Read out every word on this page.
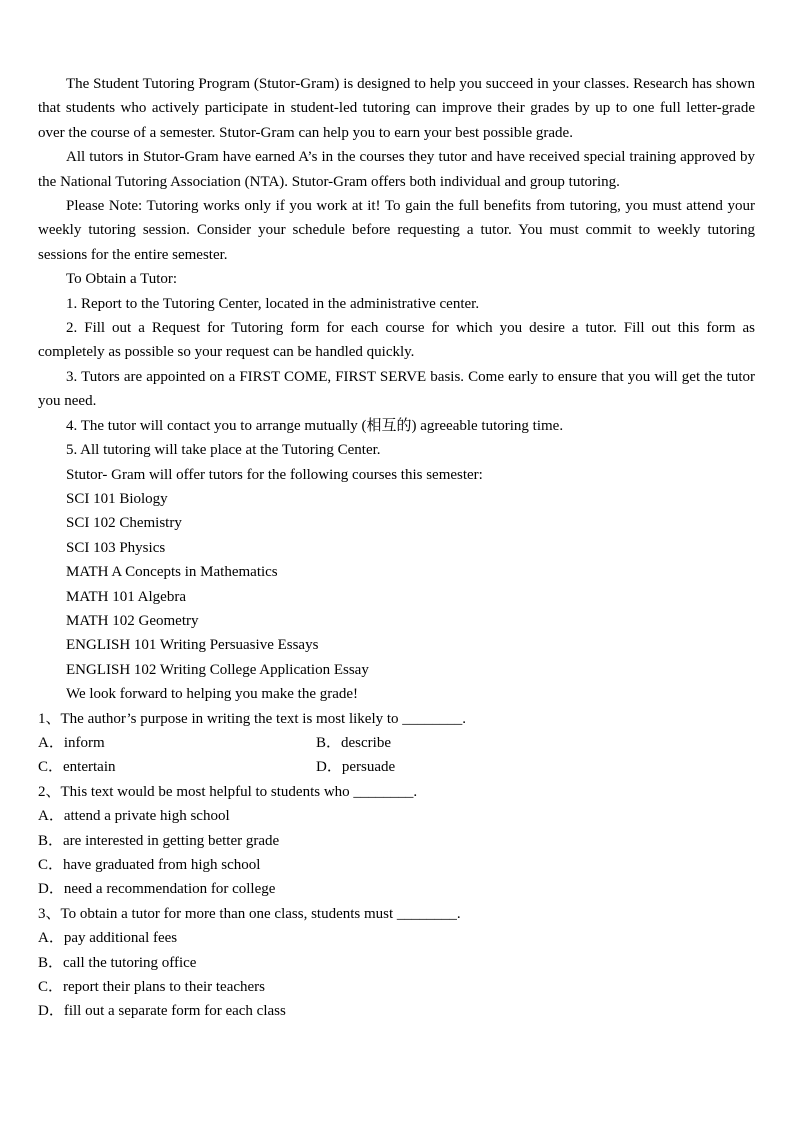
The Student Tutoring Program (Stutor-Gram) is designed to help you succeed in your classes. Research has shown that students who actively participate in student-led tutoring can improve their grades by up to one full letter-grade over the course of a semester. Stutor-Gram can help you to earn your best possible grade.

All tutors in Stutor-Gram have earned A’s in the courses they tutor and have received special training approved by the National Tutoring Association (NTA). Stutor-Gram offers both individual and group tutoring.

Please Note: Tutoring works only if you work at it! To gain the full benefits from tutoring, you must attend your weekly tutoring session. Consider your schedule before requesting a tutor. You must commit to weekly tutoring sessions for the entire semester.

To Obtain a Tutor:

1. Report to the Tutoring Center, located in the administrative center.

2. Fill out a Request for Tutoring form for each course for which you desire a tutor. Fill out this form as completely as possible so your request can be handled quickly.

3. Tutors are appointed on a FIRST COME, FIRST SERVE basis. Come early to ensure that you will get the tutor you need.

4. The tutor will contact you to arrange mutually (相互的) agreeable tutoring time.

5. All tutoring will take place at the Tutoring Center.

Stutor- Gram will offer tutors for the following courses this semester:

SCI 101 Biology

SCI 102 Chemistry

SCI 103 Physics

MATH A Concepts in Mathematics

MATH 101 Algebra

MATH 102 Geometry

ENGLISH 101 Writing Persuasive Essays

ENGLISH 102 Writing College Application Essay

We look forward to helping you make the grade!

1、The author’s purpose in writing the text is most likely to ________.

A．inform	B．describe

C．entertain	D．persuade

2、This text would be most helpful to students who ________.

A．attend a private high school

B．are interested in getting better grade

C．have graduated from high school

D．need a recommendation for college

3、To obtain a tutor for more than one class, students must ________.

A．pay additional fees

B．call the tutoring office

C．report their plans to their teachers

D．fill out a separate form for each class
